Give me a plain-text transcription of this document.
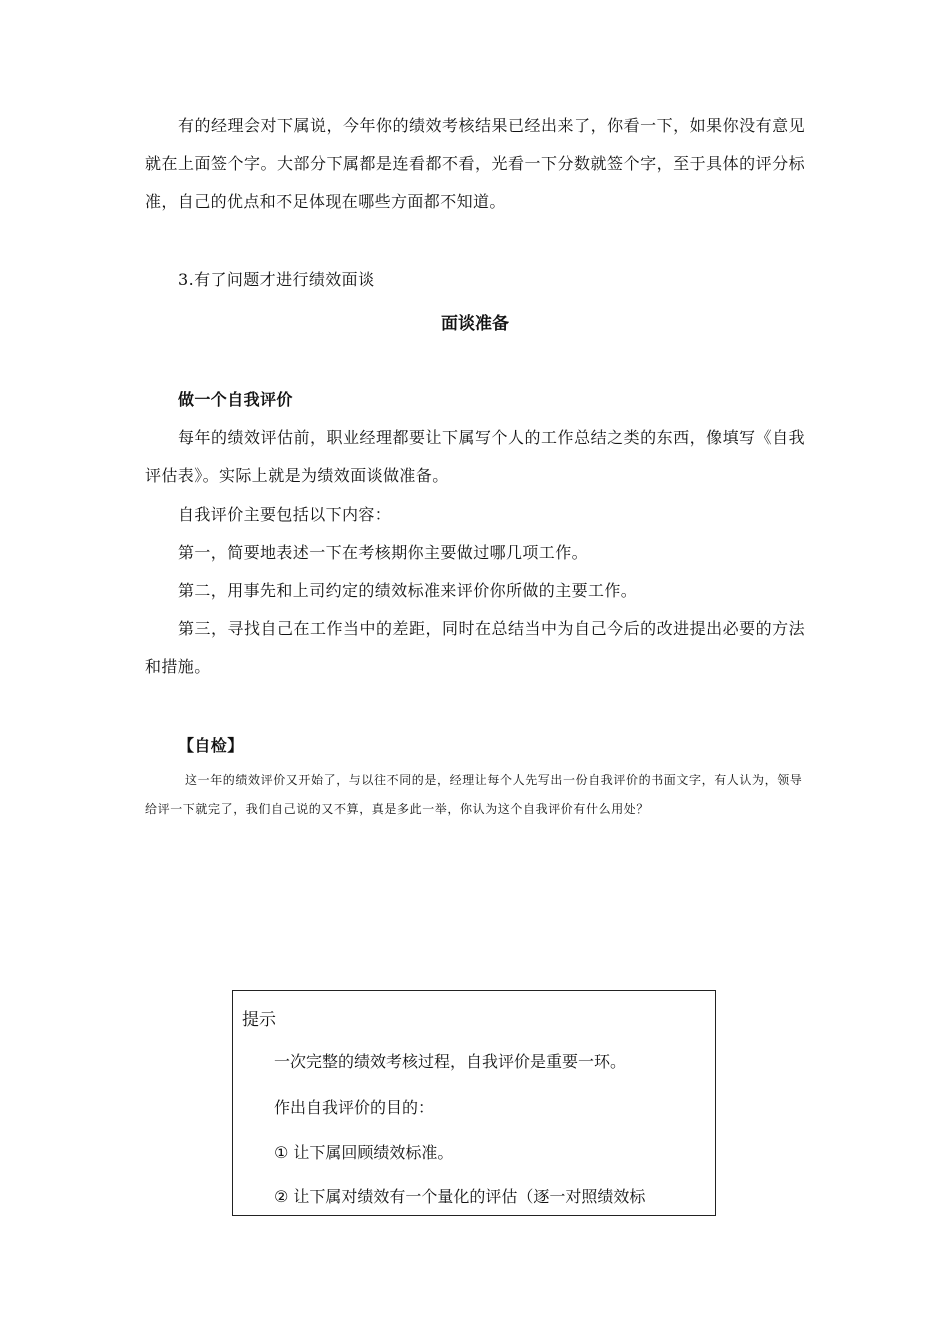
有的经理会对下属说，今年你的绩效考核结果已经出来了，你看一下，如果你没有意见就在上面签个字。大部分下属都是连看都不看，光看一下分数就签个字，至于具体的评分标准，自己的优点和不足体现在哪些方面都不知道。

3.有了问题才进行绩效面谈

面谈准备

做一个自我评价

每年的绩效评估前，职业经理都要让下属写个人的工作总结之类的东西，像填写《自我评估表》。实际上就是为绩效面谈做准备。

自我评价主要包括以下内容：

第一，简要地表述一下在考核期你主要做过哪几项工作。

第二，用事先和上司约定的绩效标准来评价你所做的主要工作。

第三，寻找自己在工作当中的差距，同时在总结当中为自己今后的改进提出必要的方法和措施。

【自检】

这一年的绩效评价又开始了，与以往不同的是，经理让每个人先写出一份自我评价的书面文字，有人认为，领导给评一下就完了，我们自己说的又不算，真是多此一举，你认为这个自我评价有什么用处？

提示

一次完整的绩效考核过程，自我评价是重要一环。

作出自我评价的目的：

① 让下属回顾绩效标准。

② 让下属对绩效有一个量化的评估（逐一对照绩效标
